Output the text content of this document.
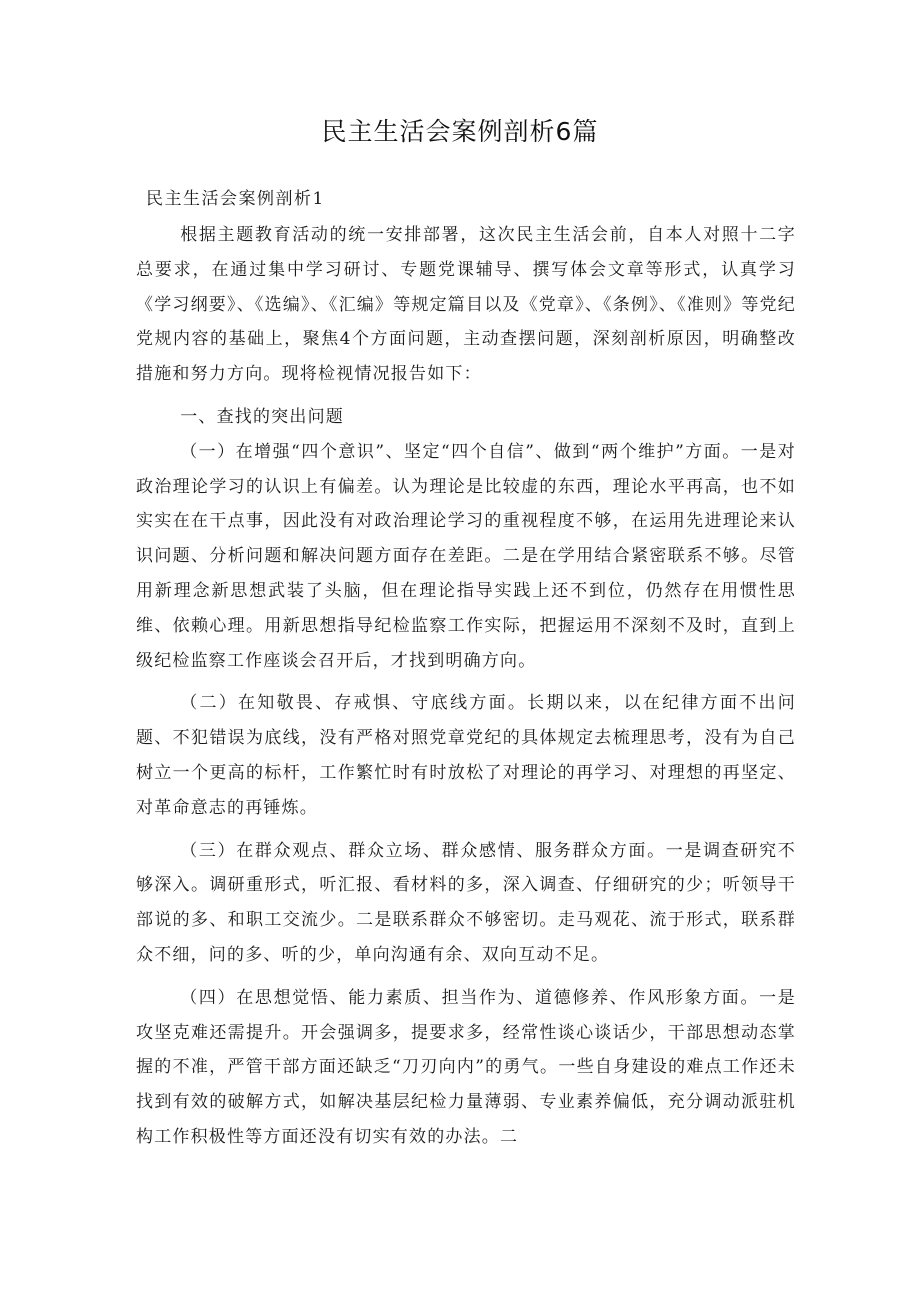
民主生活会案例剖析6篇
民主生活会案例剖析1

根据主题教育活动的统一安排部署，这次民主生活会前，自本人对照十二字总要求，在通过集中学习研讨、专题党课辅导、撰写体会文章等形式，认真学习《学习纲要》、《选编》、《汇编》等规定篇目以及《党章》、《条例》、《准则》等党纪党规内容的基础上，聚焦4个方面问题，主动查摆问题，深刻剖析原因，明确整改措施和努力方向。现将检视情况报告如下：

一、查找的突出问题

（一）在增强“四个意识”、坚定“四个自信”、做到“两个维护”方面。一是对政治理论学习的认识上有偏差。认为理论是比较虚的东西，理论水平再高，也不如实实在在干点事，因此没有对政治理论学习的重视程度不够，在运用先进理论来认识问题、分析问题和解决问题方面存在差距。二是在学用结合紧密联系不够。尽管用新理念新思想武装了头脑，但在理论指导实践上还不到位，仍然存在用惯性思维、依赖心理。用新思想指导纪检监察工作实际，把握运用不深刻不及时，直到上级纪检监察工作座谈会召开后，才找到明确方向。

（二）在知敬畏、存戒惧、守底线方面。长期以来，以在纪律方面不出问题、不犯错误为底线，没有严格对照党章党纪的具体规定去梳理思考，没有为自己树立一个更高的标杆，工作繁忙时有时放松了对理论的再学习、对理想的再坚定、对革命意志的再锤炼。

（三）在群众观点、群众立场、群众感情、服务群众方面。一是调查研究不够深入。调研重形式，听汇报、看材料的多，深入调查、仔细研究的少；听领导干部说的多、和职工交流少。二是联系群众不够密切。走马观花、流于形式，联系群众不细，问的多、听的少，单向沟通有余、双向互动不足。

（四）在思想觉悟、能力素质、担当作为、道德修养、作风形象方面。一是攻坚克难还需提升。开会强调多，提要求多，经常性谈心谈话少，干部思想动态掌握的不准，严管干部方面还缺乏“刀刃向内”的勇气。一些自身建设的难点工作还未找到有效的破解方式，如解决基层纪检力量薄弱、专业素养偏低，充分调动派驻机构工作积极性等方面还没有切实有效的办法。二
